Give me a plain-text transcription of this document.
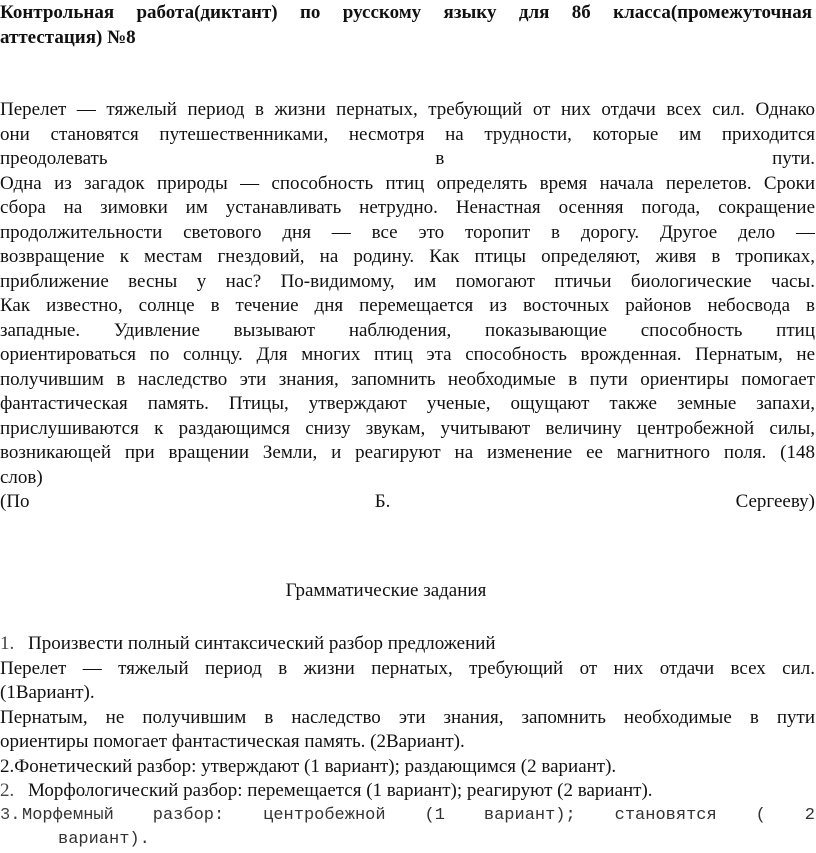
Контрольная работа(диктант) по русскому языку для 8б класса(промежуточная
аттестация) №8
Перелет — тяжелый период в жизни пернатых, требующий от них отдачи всех сил. Однако
они становятся путешественниками, несмотря на трудности, которые им приходится
преодолевать	в	пути.
Одна из загадок природы — способность птиц определять время начала перелетов. Сроки
сбора на зимовки им устанавливать нетрудно. Ненастная осенняя погода, сокращение
продолжительности светового дня — все это торопит в дорогу. Другое дело —
возвращение к местам гнездовий, на родину. Как птицы определяют, живя в тропиках,
приближение весны у нас? По-видимому, им помогают птичьи биологические часы.
Как известно, солнце в течение дня перемещается из восточных районов небосвода в
западные. Удивление вызывают наблюдения, показывающие способность птиц
ориентироваться по солнцу. Для многих птиц эта способность врожденная. Пернатым, не
получившим в наследство эти знания, запомнить необходимые в пути ориентиры помогает
фантастическая память. Птицы, утверждают ученые, ощущают также земные запахи,
прислушиваются к раздающимся снизу звукам, учитывают величину центробежной силы,
возникающей при вращении Земли, и реагируют на изменение ее магнитного поля. (148
слов)
(По	Б.	Сергееву)
Грамматические задания
1. Произвести полный синтаксический разбор предложений
Перелет — тяжелый период в жизни пернатых, требующий от них отдачи всех сил.
(1Вариант).
Пернатым, не получившим в наследство эти знания, запомнить необходимые в пути
ориентиры помогает фантастическая память. (2Вариант).
2.Фонетический разбор: утверждают (1 вариант); раздающимся (2 вариант).
2. Морфологический разбор: перемещается (1 вариант); реагируют (2 вариант).
3.Морфемный разбор: центробежной (1 вариант); становятся ( 2
вариант).
